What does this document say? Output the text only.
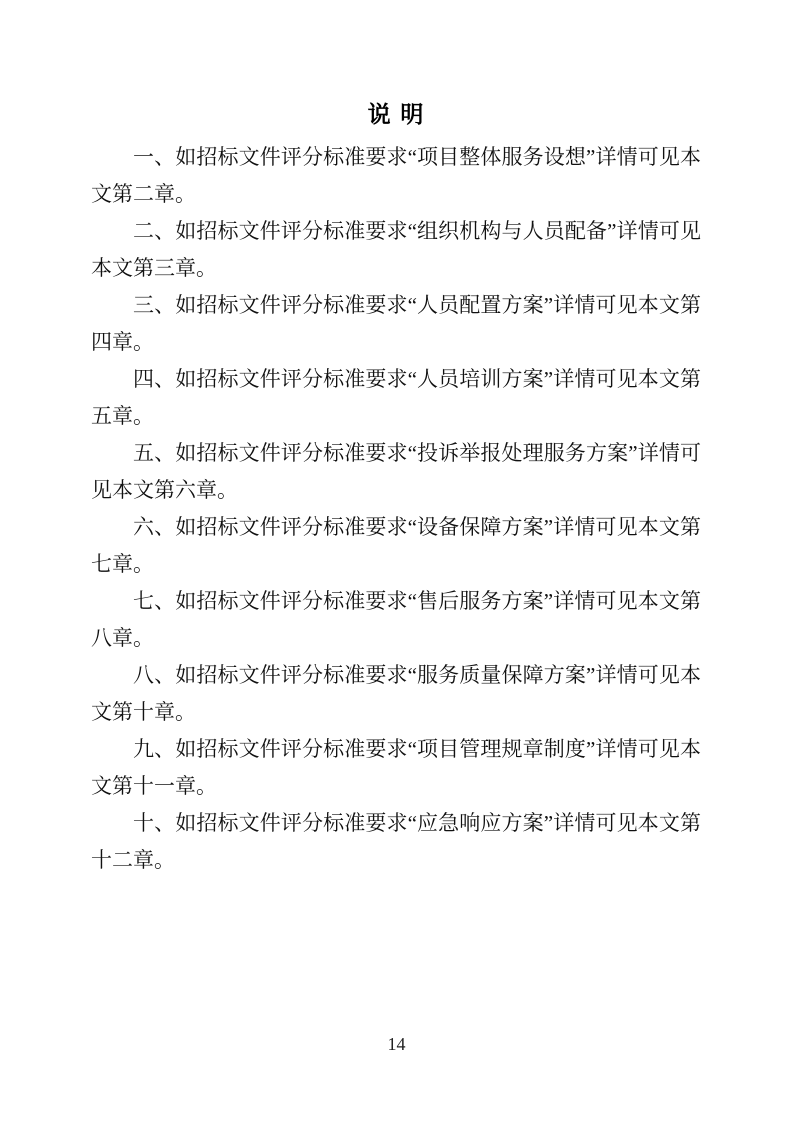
说 明

一、如招标文件评分标准要求“项目整体服务设想”详情可见本文第二章。

二、如招标文件评分标准要求“组织机构与人员配备”详情可见本文第三章。

三、如招标文件评分标准要求“人员配置方案”详情可见本文第四章。

四、如招标文件评分标准要求“人员培训方案”详情可见本文第五章。

五、如招标文件评分标准要求“投诉举报处理服务方案”详情可见本文第六章。

六、如招标文件评分标准要求“设备保障方案”详情可见本文第七章。

七、如招标文件评分标准要求“售后服务方案”详情可见本文第八章。

八、如招标文件评分标准要求“服务质量保障方案”详情可见本文第十章。

九、如招标文件评分标准要求“项目管理规章制度”详情可见本文第十一章。

十、如招标文件评分标准要求“应急响应方案”详情可见本文第十二章。

14
